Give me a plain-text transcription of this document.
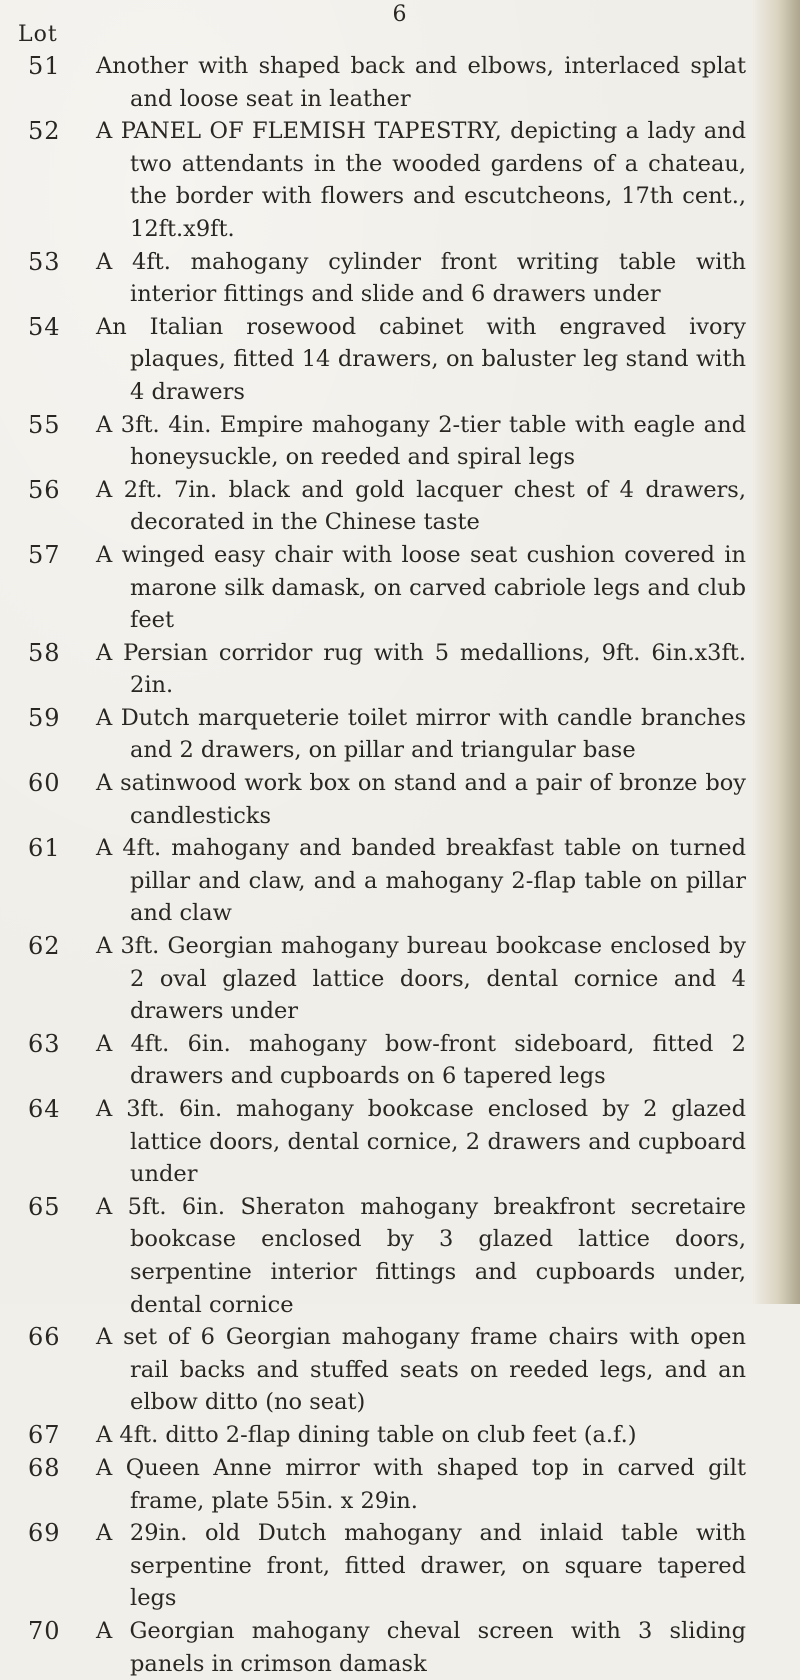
6
Lot
51	Another with shaped back and elbows, interlaced splat and loose seat in leather
52	A PANEL OF FLEMISH TAPESTRY, depicting a lady and two attendants in the wooded gardens of a chateau, the border with flowers and escutcheons, 17th cent., 12ft.x9ft.
53	A 4ft. mahogany cylinder front writing table with interior fittings and slide and 6 drawers under
54	An Italian rosewood cabinet with engraved ivory plaques, fitted 14 drawers, on baluster leg stand with 4 drawers
55	A 3ft. 4in. Empire mahogany 2-tier table with eagle and honeysuckle, on reeded and spiral legs
56	A 2ft. 7in. black and gold lacquer chest of 4 drawers, decorated in the Chinese taste
57	A winged easy chair with loose seat cushion covered in marone silk damask, on carved cabriole legs and club feet
58	A Persian corridor rug with 5 medallions, 9ft. 6in.x3ft. 2in.
59	A Dutch marqueterie toilet mirror with candle branches and 2 drawers, on pillar and triangular base
60	A satinwood work box on stand and a pair of bronze boy candlesticks
61	A 4ft. mahogany and banded breakfast table on turned pillar and claw, and a mahogany 2-flap table on pillar and claw
62	A 3ft. Georgian mahogany bureau bookcase enclosed by 2 oval glazed lattice doors, dental cornice and 4 drawers under
63	A 4ft. 6in. mahogany bow-front sideboard, fitted 2 drawers and cupboards on 6 tapered legs
64	A 3ft. 6in. mahogany bookcase enclosed by 2 glazed lattice doors, dental cornice, 2 drawers and cupboard under
65	A 5ft. 6in. Sheraton mahogany breakfront secretaire bookcase enclosed by 3 glazed lattice doors, serpentine interior fittings and cupboards under, dental cornice
66	A set of 6 Georgian mahogany frame chairs with open rail backs and stuffed seats on reeded legs, and an elbow ditto (no seat)
67	A 4ft. ditto 2-flap dining table on club feet (a.f.)
68	A Queen Anne mirror with shaped top in carved gilt frame, plate 55in. x 29in.
69	A 29in. old Dutch mahogany and inlaid table with serpentine front, fitted drawer, on square tapered legs
70	A Georgian mahogany cheval screen with 3 sliding panels in crimson damask
